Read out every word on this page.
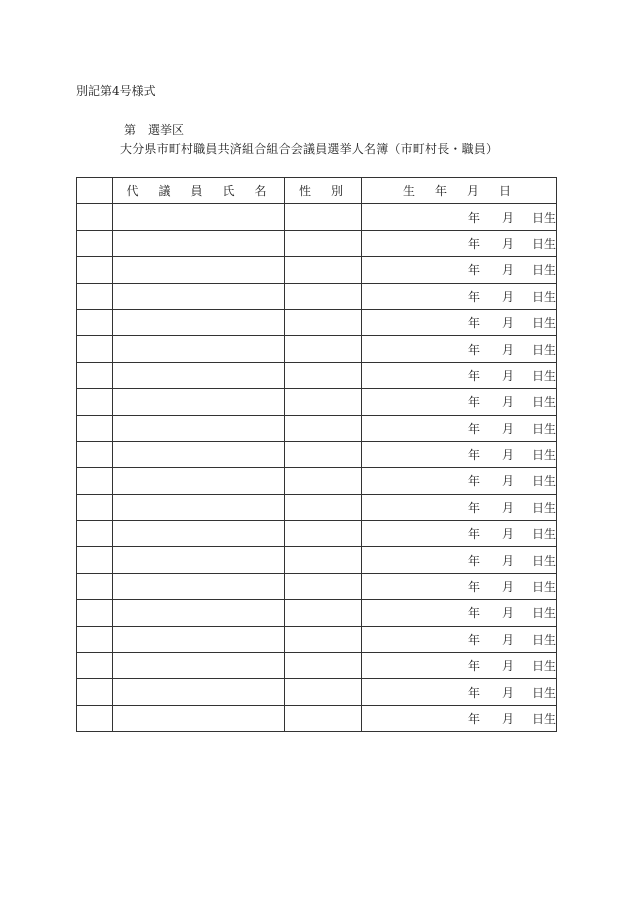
別記第4号様式
第 選挙区
大分県市町村職員共済組合組合会議員選挙人名簿（市町村長・職員）
	代　議　員　氏　名	性　別	生　年　月　日
			年 月 日生
			年 月 日生
			年 月 日生
			年 月 日生
			年 月 日生
			年 月 日生
			年 月 日生
			年 月 日生
			年 月 日生
			年 月 日生
			年 月 日生
			年 月 日生
			年 月 日生
			年 月 日生
			年 月 日生
			年 月 日生
			年 月 日生
			年 月 日生
			年 月 日生
			年 月 日生
